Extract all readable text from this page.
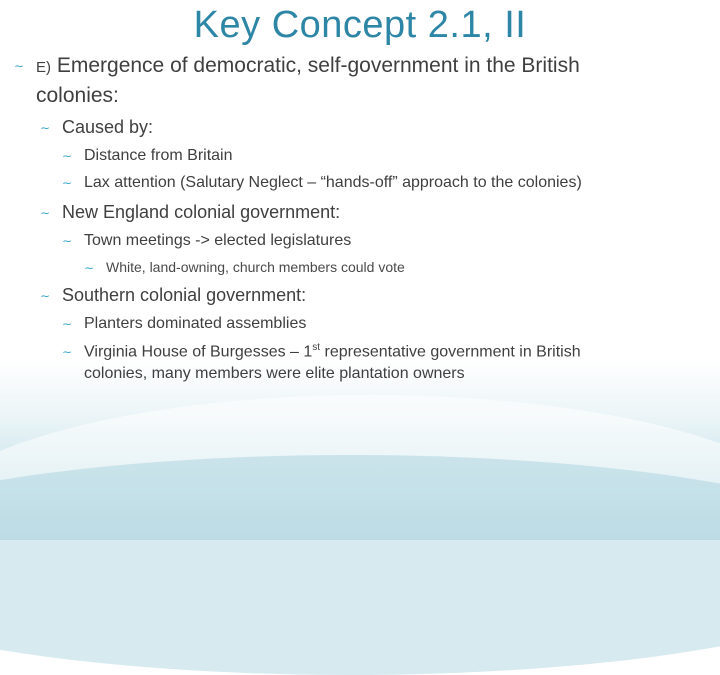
Key Concept 2.1, II
∼ E) Emergence of democratic, self-government in the British
colonies:
∼ Caused by:
∼ Distance from Britain
∼ Lax attention (Salutary Neglect – “hands-off” approach to the colonies)
∼ New England colonial government:
∼ Town meetings -> elected legislatures
∼ White, land-owning, church members could vote
∼ Southern colonial government:
∼ Planters dominated assemblies
∼ Virginia House of Burgesses – 1st representative government in British
colonies, many members were elite plantation owners
